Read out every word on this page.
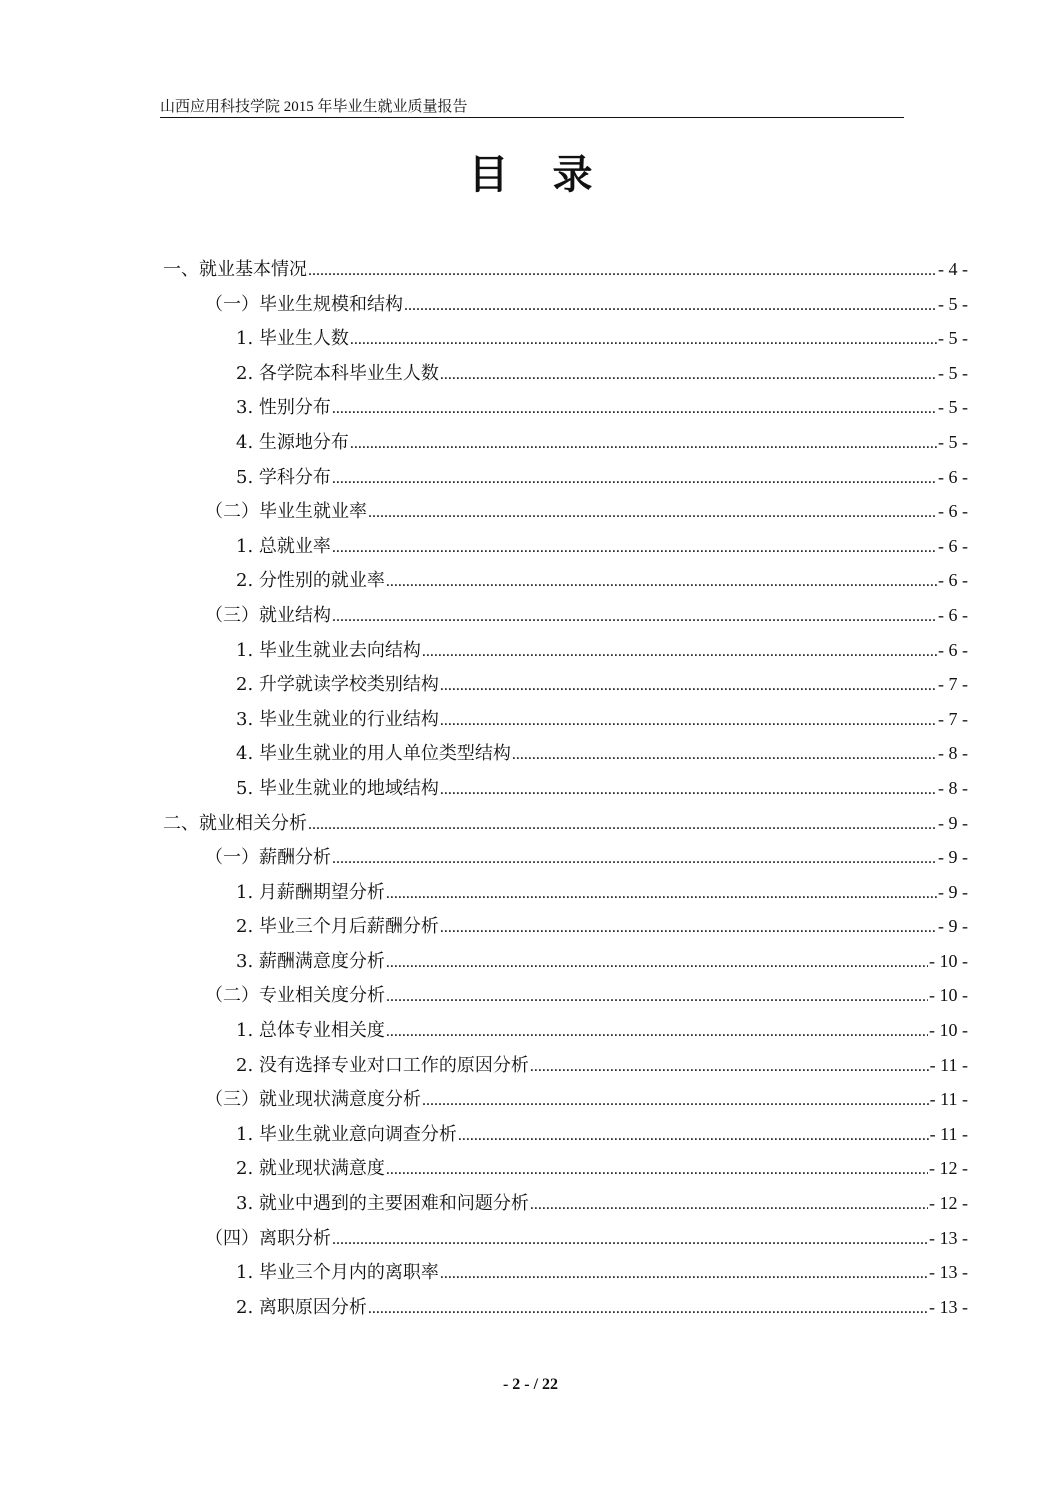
山西应用科技学院 2015 年毕业生就业质量报告
目录
一、就业基本情况 .....	- 4 -
（一）毕业生规模和结构 .....	- 5 -
1. 毕业生人数 .....	- 5 -
2. 各学院本科毕业生人数 .....	- 5 -
3. 性别分布 .....	- 5 -
4. 生源地分布 .....	- 5 -
5. 学科分布 .....	- 6 -
（二）毕业生就业率 .....	- 6 -
1. 总就业率 .....	- 6 -
2. 分性别的就业率 .....	- 6 -
（三）就业结构 .....	- 6 -
1. 毕业生就业去向结构 .....	- 6 -
2. 升学就读学校类别结构 .....	- 7 -
3. 毕业生就业的行业结构 .....	- 7 -
4. 毕业生就业的用人单位类型结构 .....	- 8 -
5. 毕业生就业的地域结构 .....	- 8 -
二、就业相关分析 .....	- 9 -
（一）薪酬分析 .....	- 9 -
1. 月薪酬期望分析 .....	- 9 -
2. 毕业三个月后薪酬分析 .....	- 9 -
3. 薪酬满意度分析 .....	- 10 -
（二）专业相关度分析 .....	- 10 -
1. 总体专业相关度 .....	- 10 -
2. 没有选择专业对口工作的原因分析 .....	- 11 -
（三）就业现状满意度分析 .....	- 11 -
1. 毕业生就业意向调查分析 .....	- 11 -
2. 就业现状满意度 .....	- 12 -
3. 就业中遇到的主要困难和问题分析 .....	- 12 -
（四）离职分析 .....	- 13 -
1. 毕业三个月内的离职率 .....	- 13 -
2. 离职原因分析 .....	- 13 -
- 2 - / 22
